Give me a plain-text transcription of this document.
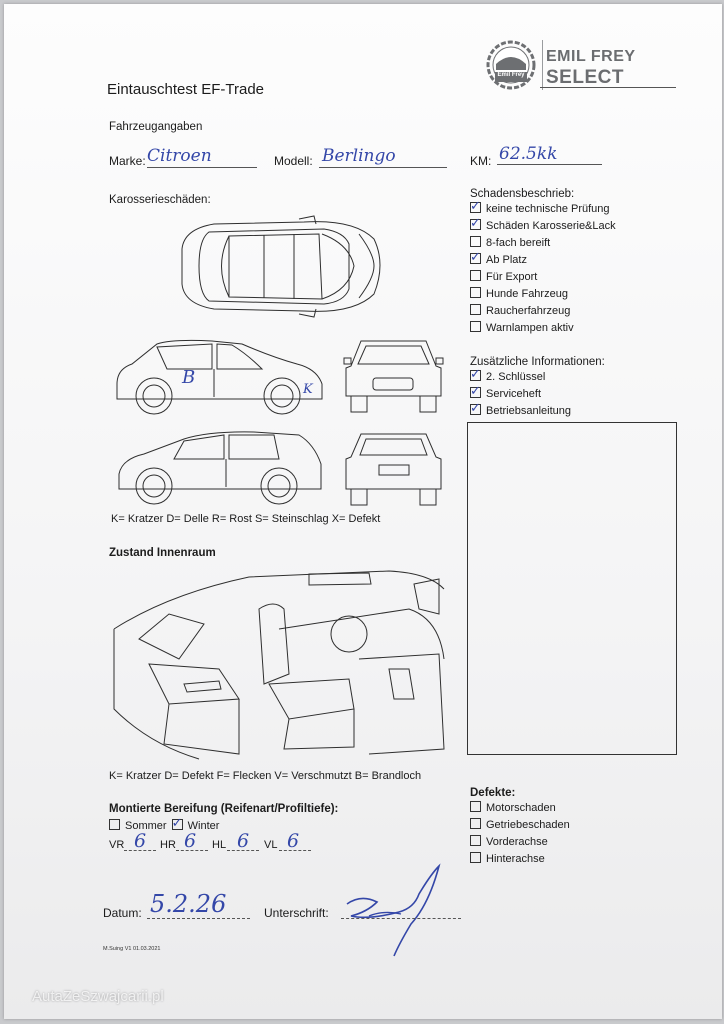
Emil Frey
EMIL FREY
SELECT
Eintauschtest EF-Trade
Fahrzeugangaben
Marke: Citroen	Modell: Berlingo	KM: 62.5kk
Karosserieschäden:
B
K
K= Kratzer D= Delle R= Rost S= Steinschlag X= Defekt
Schadensbeschrieb:
✓keine technische Prüfung
✓Schäden Karosserie&Lack
8-fach bereift
✓Ab Platz
Für Export
Hunde Fahrzeug
Raucherfahrzeug
Warnlampen aktiv
Zusätzliche Informationen:
✓2. Schlüssel
✓Serviceheft
✓Betriebsanleitung
Zustand Innenraum
K= Kratzer D= Defekt F= Flecken V= Verschmutzt B= Brandloch
Montierte Bereifung (Reifenart/Profiltiefe):
Sommer ✓ Winter
VR 6 HR 6 HL 6 VL 6
Defekte:
Motorschaden
Getriebeschaden
Vorderachse
Hinterachse
Datum: 5.2.26	Unterschrift:
M.Suing V1 01.03.2021
AutaZeSzwajcarii.pl
